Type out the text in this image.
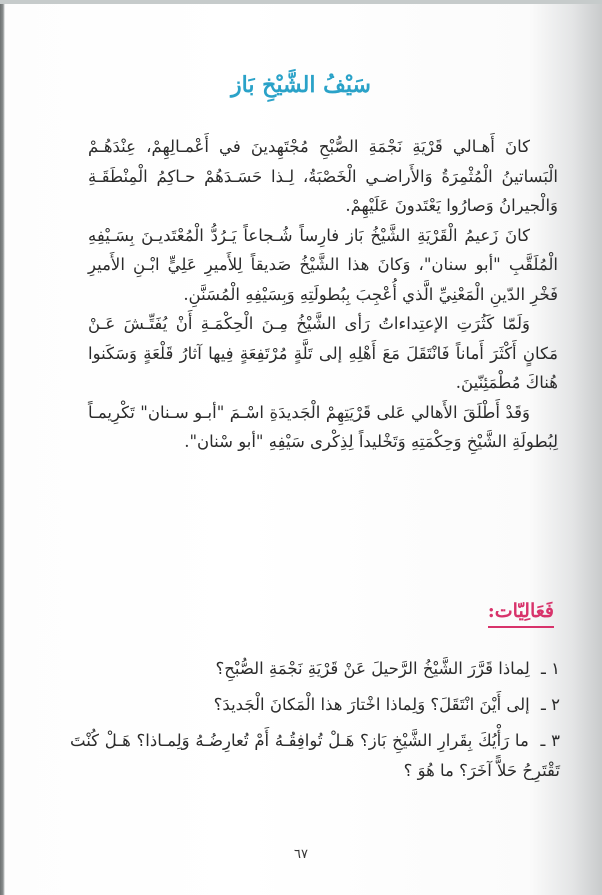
سَيْفُ الشَّيْخِ بَاز

كانَ أَهـالي قَرْيَةِ نَجْمَةِ الصُّبْحِ مُجْتَهِدينَ في أَعْمـالِهِمْ، عِنْدَهُـمْ الْبَساتينُ الْمُثْمِرَةُ وَالأَراضـي الْخَصْبَةُ، لِـذا حَسَـدَهُمْ حـاكِمُ الْمِنْطَقَـةِ وَالْجيرانُ وَصارُوا يَعْتَدونَ عَلَيْهِمْ.

كانَ زَعيمُ الْقَرْيَةِ الشَّيْخُ بَاز فارِساً شُـجاعاً يَـرُدُّ الْمُعْتَديـنَ بِسَـيْفِهِ الْمُلَقَّبِ "أبو سنان"، وَكانَ هذا الشَّيْخُ صَديقاً لِلأَميرِ عَلِيٍّ ابْـنِ الأَميرِ فَخْرِ الدّينِ الْمَعْنِيِّ الَّذي أُعْجِبَ بِبُطولَتِهِ وَبِسَيْفِهِ الْمُسَنَّنِ.

وَلَمّا كَثُرَتِ الإعتِداءاتُ رَأى الشَّيْخُ مِـنَ الْحِكْمَـةِ أَنْ يُفَتِّـشَ عَـنْ مَكانٍ أَكْثَرَ أَماناً فَانْتَقَلَ مَعَ أَهْلِهِ إلى تَلَّةٍ مُرْتَفِعَةٍ فِيها آثارُ قَلْعَةٍ وَسَكَنوا هُناكَ مُطْمَئِنّينَ.

وَقَدْ أَطْلَقَ الأَهالي عَلى قَرْيَتِهِمْ الْجَديدَةِ اسْـمَ "أبـو سـنان" تَكْرِيمـاً لِبُطولَةِ الشَّيْخِ وَحِكْمَتِهِ وَتَخْليداً لِذِكْرى سَيْفِهِ "أبو سْنان".

فَعَالِيّات:
١ ـ لِماذا قَرَّرَ الشَّيْخُ الرَّحيلَ عَنْ قَرْيَةِ نَجْمَةِ الصُّبْحِ؟
٢ ـ إلى أَيْنَ انْتَقَلَ؟ وَلِماذا اخْتارَ هذا الْمَكانَ الْجَديدَ؟
٣ ـ ما رَأْيُكَ بِقَرارِ الشَّيْخِ بَاز؟ هَـلْ تُوافِقُـهُ أَمْ تُعارِضُـهُ وَلِمـاذا؟ هَـلْ كُنْتَ تَقْتَرِحُ حَلاًّ آخَرَ؟ ما هُوَ ؟
٦٧
